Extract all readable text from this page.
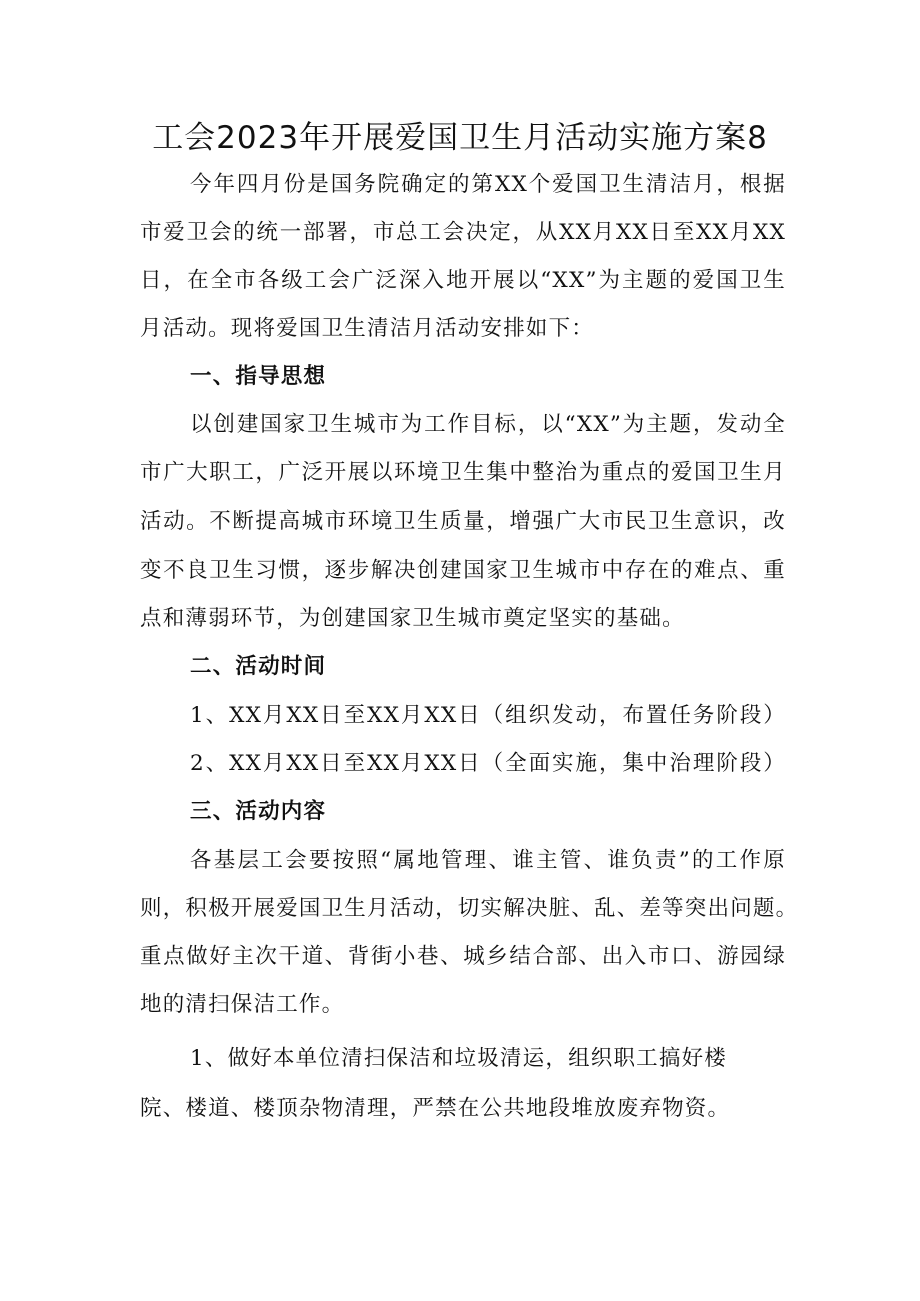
工会2023年开展爱国卫生月活动实施方案8

今年四月份是国务院确定的第XX个爱国卫生清洁月，根据

市爱卫会的统一部署，市总工会决定，从XX月XX日至XX月XX

日，在全市各级工会广泛深入地开展以“XX”为主题的爱国卫生

月活动。现将爱国卫生清洁月活动安排如下：

一、指导思想

以创建国家卫生城市为工作目标，以“XX”为主题，发动全

市广大职工，广泛开展以环境卫生集中整治为重点的爱国卫生月

活动。不断提高城市环境卫生质量，增强广大市民卫生意识，改

变不良卫生习惯，逐步解决创建国家卫生城市中存在的难点、重

点和薄弱环节，为创建国家卫生城市奠定坚实的基础。

二、活动时间

1、XX月XX日至XX月XX日（组织发动，布置任务阶段）

2、XX月XX日至XX月XX日（全面实施，集中治理阶段）

三、活动内容

各基层工会要按照“属地管理、谁主管、谁负责”的工作原

则，积极开展爱国卫生月活动，切实解决脏、乱、差等突出问题。

重点做好主次干道、背街小巷、城乡结合部、出入市口、游园绿

地的清扫保洁工作。

1、做好本单位清扫保洁和垃圾清运，组织职工搞好楼

院、楼道、楼顶杂物清理，严禁在公共地段堆放废弃物资。
